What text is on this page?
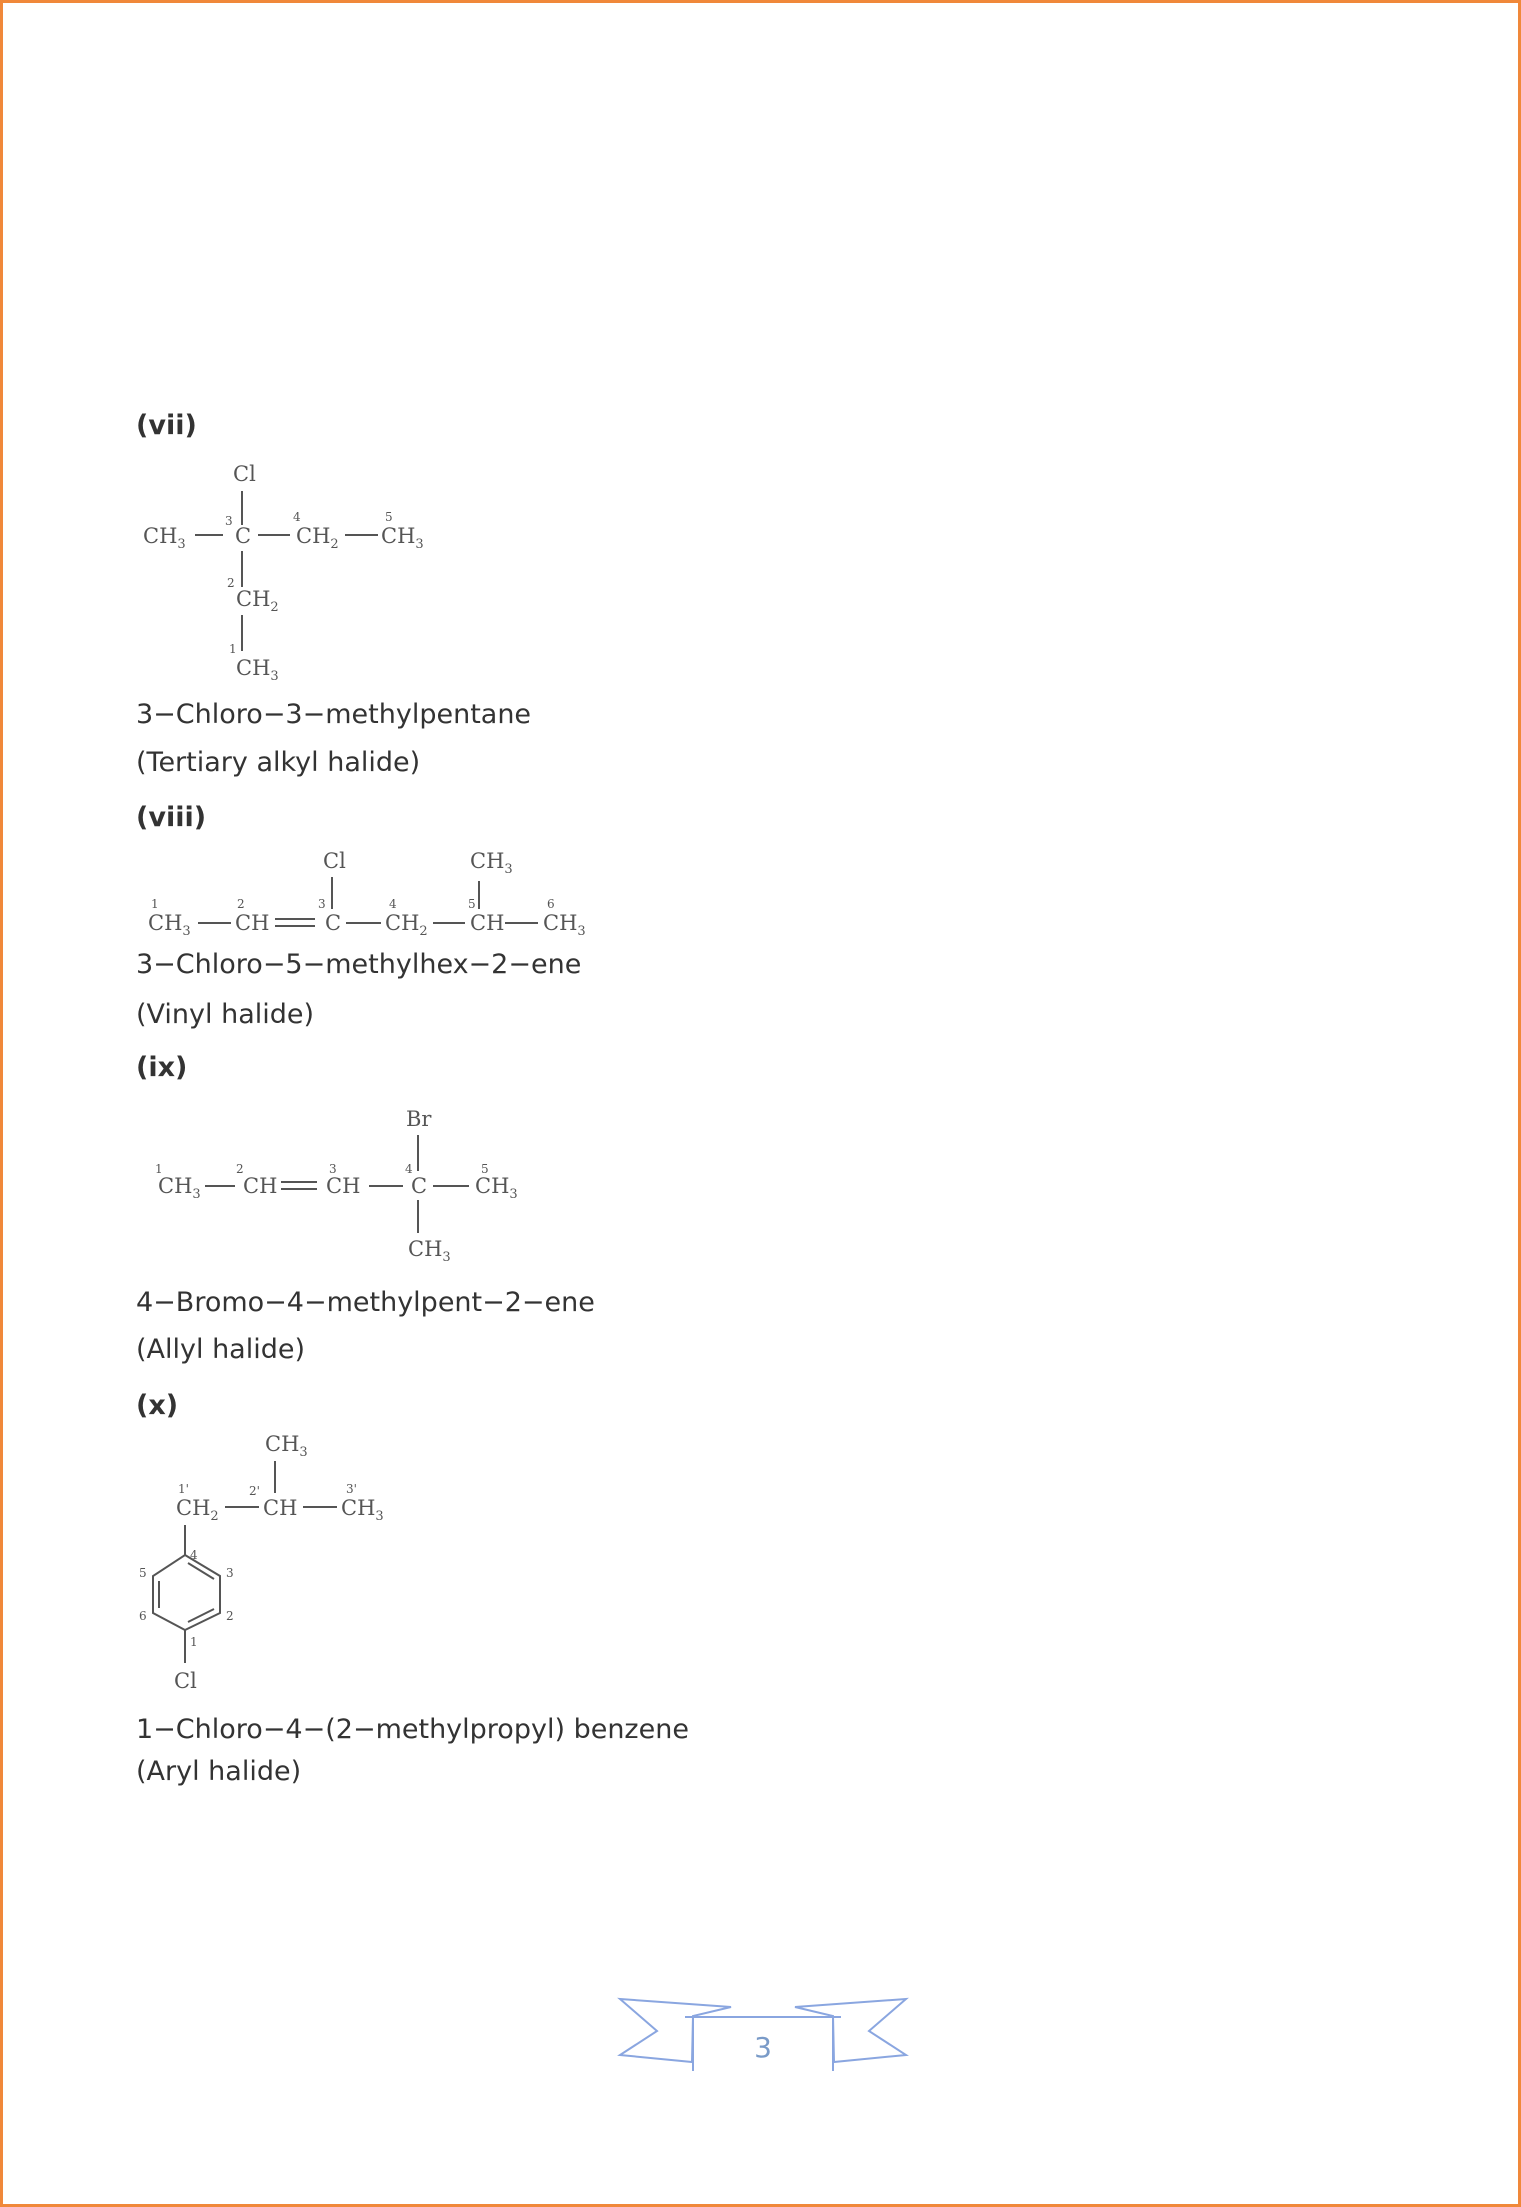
(vii)
3−Chloro−3−methylpentane
(Tertiary alkyl halide)
(viii)
3−Chloro−5−methylhex−2−ene
(Vinyl halide)
(ix)
4−Bromo−4−methylpent−2−ene
(Allyl halide)
(x)
1−Chloro−4−(2−methylpropyl) benzene
(Aryl halide)
Cl
$CH_3$
3
C
4
$CH_2$
5
$CH_3$
2
$CH_2$
1
$CH_3$
Cl	$CH_3$
1
$CH_3$
2
CH
3
C
4
$CH_2$
5
CH
6
$CH_3$
Br
1
$CH_3$
2
CH
3
CH
4
C
5
$CH_3$
$CH_3$
$CH_3$
1'
$CH_2$
2'
CH
3'
$CH_3$
4
3
2
1
6
5
Cl
3
